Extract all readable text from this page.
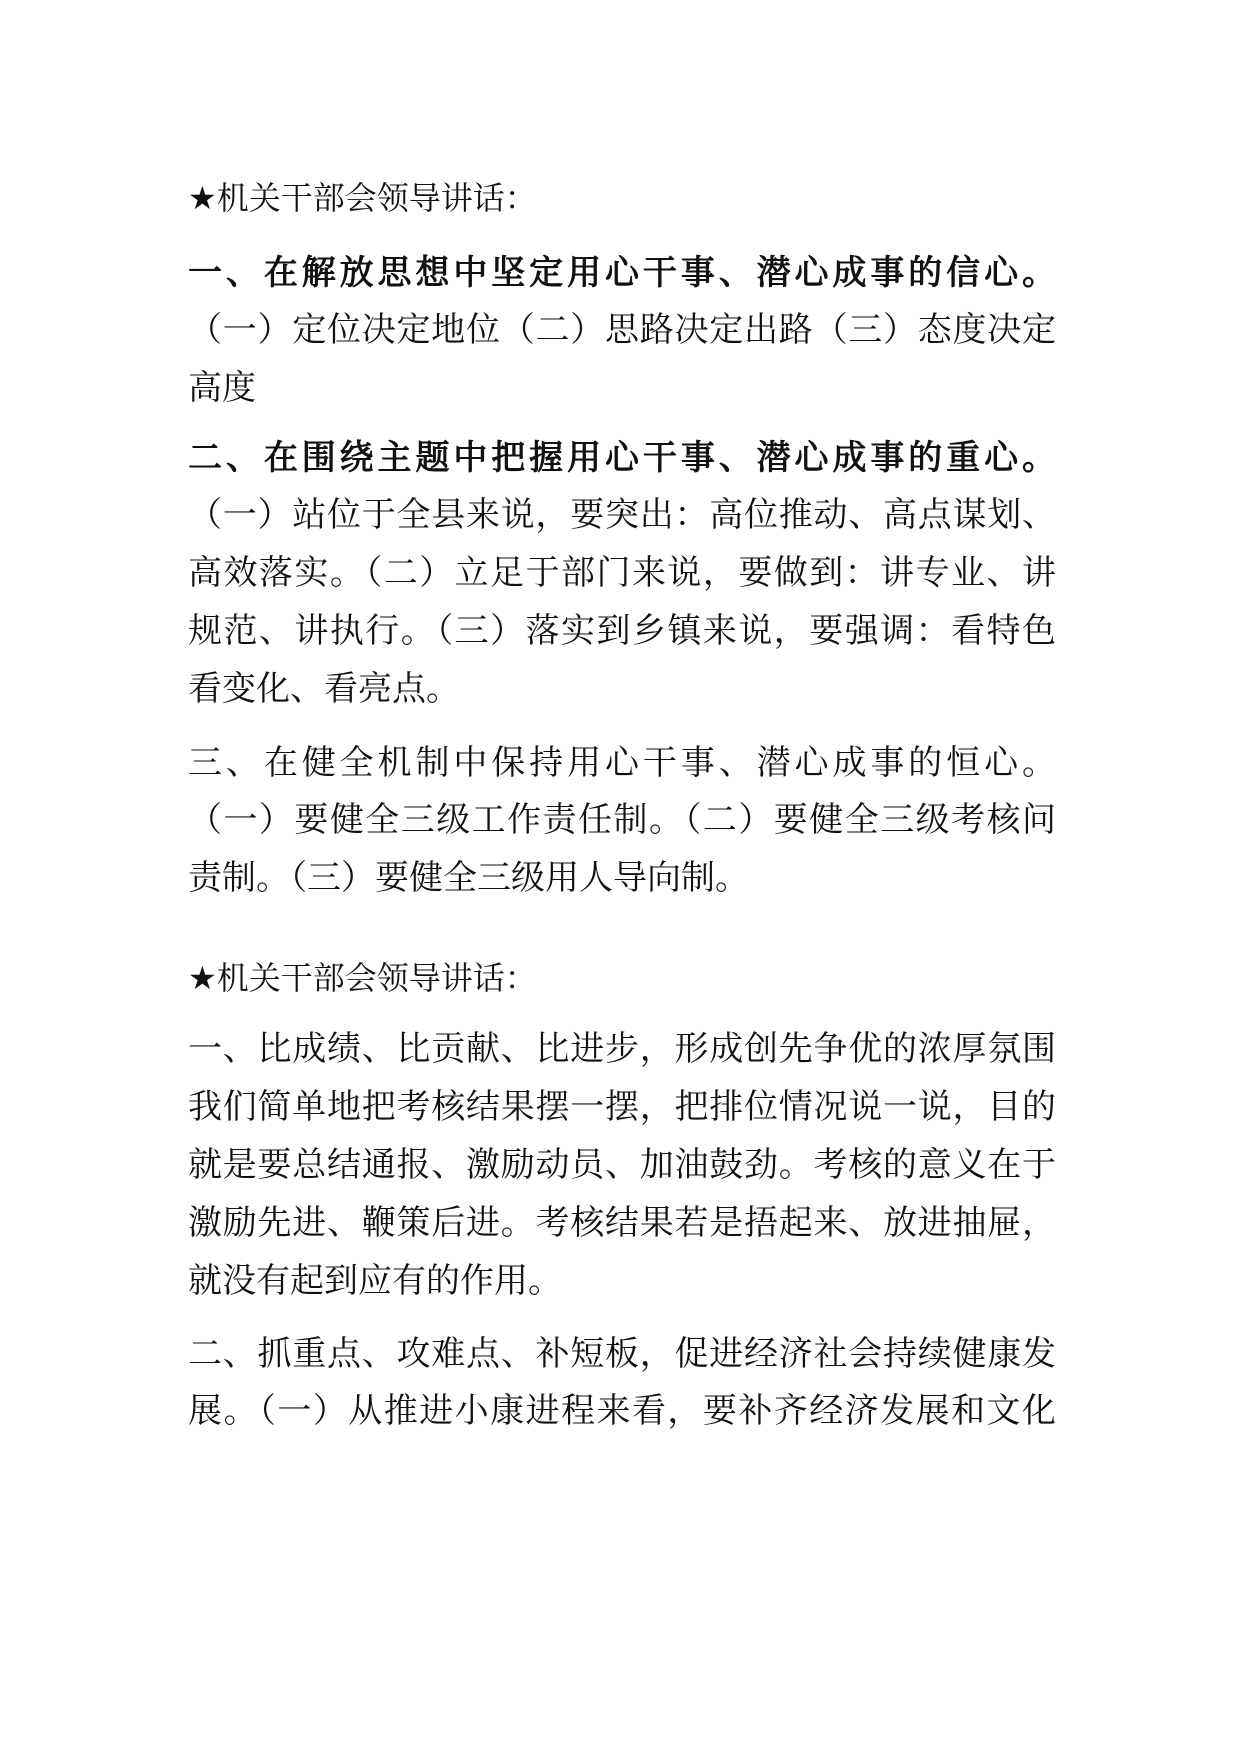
★机关干部会领导讲话：
一、在解放思想中坚定用心干事、潜心成事的信心。
（一）定位决定地位（二）思路决定出路（三）态度决定
高度
二、在围绕主题中把握用心干事、潜心成事的重心。
（一）站位于全县来说，要突出：高位推动、高点谋划、
高效落实。（二）立足于部门来说，要做到：讲专业、讲
规范、讲执行。（三）落实到乡镇来说，要强调：看特色
看变化、看亮点。
三、在健全机制中保持用心干事、潜心成事的恒心。
（一）要健全三级工作责任制。（二）要健全三级考核问
责制。（三）要健全三级用人导向制。
★机关干部会领导讲话：
一、比成绩、比贡献、比进步，形成创先争优的浓厚氛围
我们简单地把考核结果摆一摆，把排位情况说一说，目的
就是要总结通报、激励动员、加油鼓劲。考核的意义在于
激励先进、鞭策后进。考核结果若是捂起来、放进抽屉，
就没有起到应有的作用。
二、抓重点、攻难点、补短板，促进经济社会持续健康发
展。（一）从推进小康进程来看，要补齐经济发展和文化
